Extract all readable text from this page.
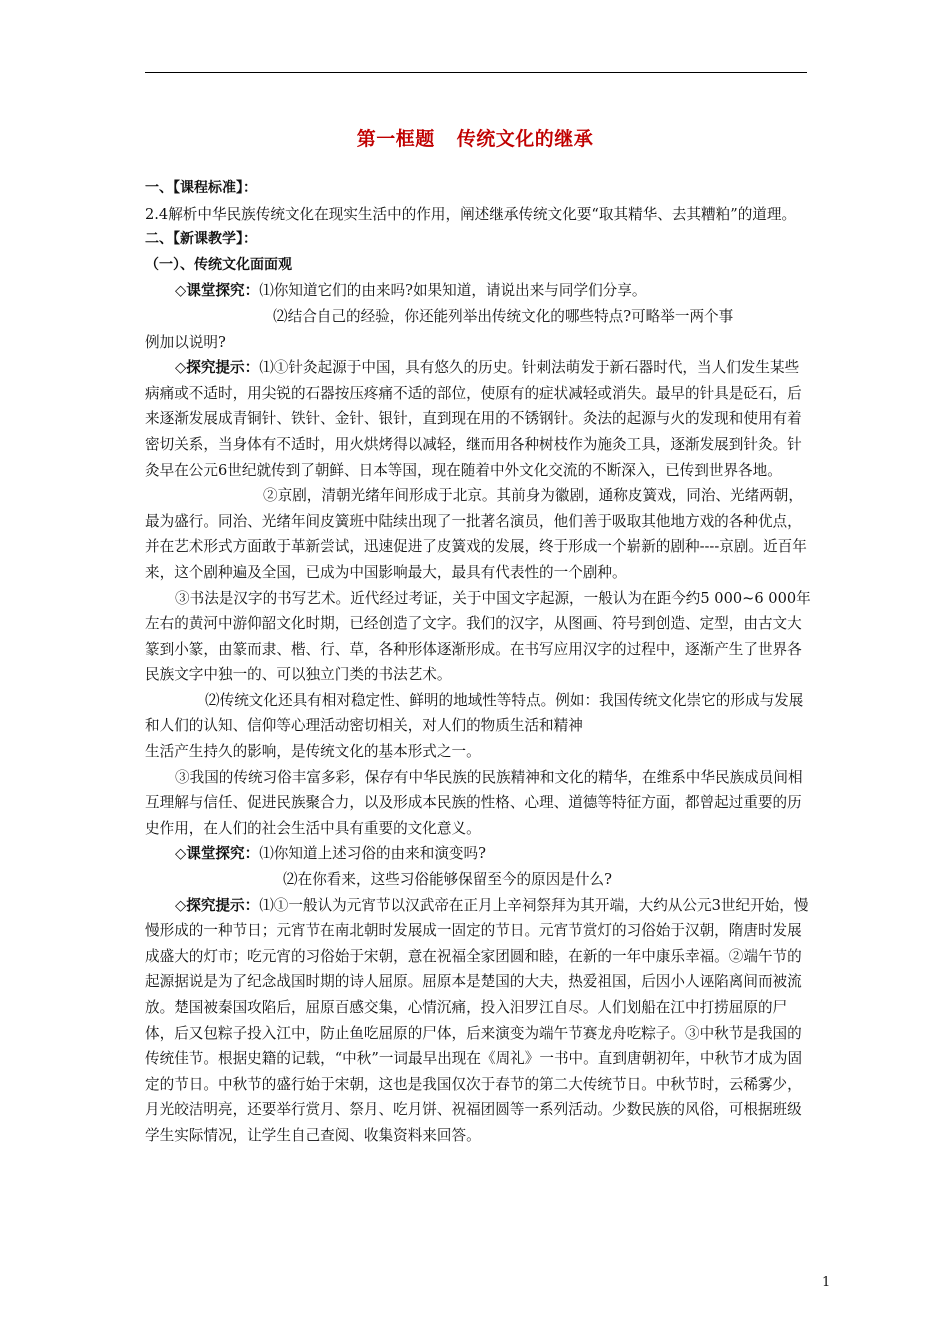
第一框题 传统文化的继承

一、【课程标准】：

2.4解析中华民族传统文化在现实生活中的作用，阐述继承传统文化要“取其精华、去其糟粕”的道理。

二、【新课教学】：

（一）、传统文化面面观

◇课堂探究：⑴你知道它们的由来吗?如果知道，请说出来与同学们分享。

⑵结合自己的经验，你还能列举出传统文化的哪些特点?可略举一两个事

例加以说明?

◇探究提示：⑴①针灸起源于中国，具有悠久的历史。针刺法萌发于新石器时代，当人们发生某些病痛或不适时，用尖锐的石器按压疼痛不适的部位，使原有的症状减轻或消失。最早的针具是砭石，后来逐渐发展成青铜针、铁针、金针、银针，直到现在用的不锈钢针。灸法的起源与火的发现和使用有着密切关系，当身体有不适时，用火烘烤得以减轻，继而用各种树枝作为施灸工具，逐渐发展到针灸。针灸早在公元6世纪就传到了朝鲜、日本等国，现在随着中外文化交流的不断深入，已传到世界各地。

②京剧，清朝光绪年间形成于北京。其前身为徽剧，通称皮簧戏，同治、光绪两朝，最为盛行。同治、光绪年间皮簧班中陆续出现了一批著名演员，他们善于吸取其他地方戏的各种优点，并在艺术形式方面敢于革新尝试，迅速促进了皮簧戏的发展，终于形成一个崭新的剧种----京剧。近百年来，这个剧种遍及全国，已成为中国影响最大，最具有代表性的一个剧种。

③书法是汉字的书写艺术。近代经过考证，关于中国文字起源，一般认为在距今约5 000~6 000年左右的黄河中游仰韶文化时期，已经创造了文字。我们的汉字，从图画、符号到创造、定型，由古文大篆到小篆，由篆而隶、楷、行、草，各种形体逐渐形成。在书写应用汉字的过程中，逐渐产生了世界各民族文字中独一的、可以独立门类的书法艺术。

⑵传统文化还具有相对稳定性、鲜明的地域性等特点。例如：我国传统文化崇它的形成与发展和人们的认知、信仰等心理活动密切相关，对人们的物质生活和精神

生活产生持久的影响，是传统文化的基本形式之一。

③我国的传统习俗丰富多彩，保存有中华民族的民族精神和文化的精华，在维系中华民族成员间相互理解与信任、促进民族聚合力，以及形成本民族的性格、心理、道德等特征方面，都曾起过重要的历史作用，在人们的社会生活中具有重要的文化意义。

◇课堂探究：⑴你知道上述习俗的由来和演变吗?

⑵在你看来，这些习俗能够保留至今的原因是什么?

◇探究提示：⑴①一般认为元宵节以汉武帝在正月上辛祠祭拜为其开端，大约从公元3世纪开始，慢慢形成的一种节日；元宵节在南北朝时发展成一固定的节日。元宵节赏灯的习俗始于汉朝，隋唐时发展成盛大的灯市；吃元宵的习俗始于宋朝，意在祝福全家团圆和睦，在新的一年中康乐幸福。②端午节的起源据说是为了纪念战国时期的诗人屈原。屈原本是楚国的大夫，热爱祖国，后因小人诬陷离间而被流放。楚国被秦国攻陷后，屈原百感交集，心情沉痛，投入汨罗江自尽。人们划船在江中打捞屈原的尸体，后又包粽子投入江中，防止鱼吃屈原的尸体，后来演变为端午节赛龙舟吃粽子。③中秋节是我国的传统佳节。根据史籍的记载，“中秋”一词最早出现在《周礼》一书中。直到唐朝初年，中秋节才成为固定的节日。中秋节的盛行始于宋朝，这也是我国仅次于春节的第二大传统节日。中秋节时，云稀雾少，月光皎洁明亮，还要举行赏月、祭月、吃月饼、祝福团圆等一系列活动。少数民族的风俗，可根据班级学生实际情况，让学生自己查阅、收集资料来回答。

1
